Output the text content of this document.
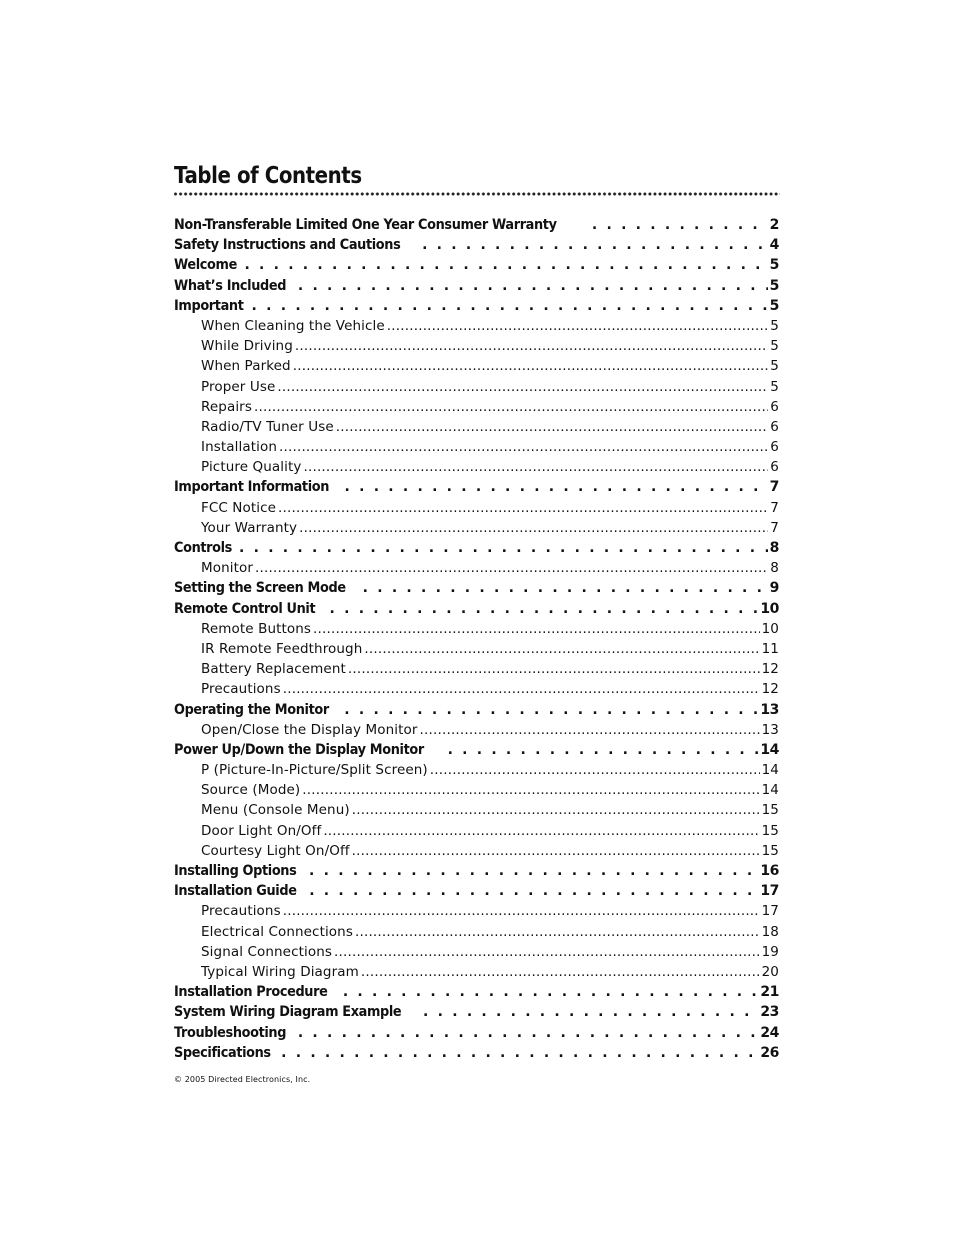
Table of Contents
Non-Transferable Limited One Year Consumer Warranty . . .	2
Safety Instructions and Cautions . . .	4
Welcome . . .	5
What’s Included . . .	5
Important . . .	5
When Cleaning the Vehicle .....	5
While Driving .....	5
When Parked .....	5
Proper Use .....	5
Repairs .....	6
Radio/TV Tuner Use .....	6
Installation .....	6
Picture Quality .....	6
Important Information . . .	7
FCC Notice .....	7
Your Warranty .....	7
Controls . . .	8
Monitor .....	8
Setting the Screen Mode . . .	9
Remote Control Unit . . .	10
Remote Buttons .....	10
IR Remote Feedthrough .....	11
Battery Replacement .....	12
Precautions .....	12
Operating the Monitor . . .	13
Open/Close the Display Monitor .....	13
Power Up/Down the Display Monitor . . .	14
P (Picture-In-Picture/Split Screen) .....	14
Source (Mode) .....	14
Menu (Console Menu) .....	15
Door Light On/Off .....	15
Courtesy Light On/Off .....	15
Installing Options . . .	16
Installation Guide . . .	17
Precautions .....	17
Electrical Connections .....	18
Signal Connections .....	19
Typical Wiring Diagram .....	20
Installation Procedure . . .	21
System Wiring Diagram Example . . .	23
Troubleshooting . . .	24
Specifications . . .	26
© 2005 Directed Electronics, Inc.
